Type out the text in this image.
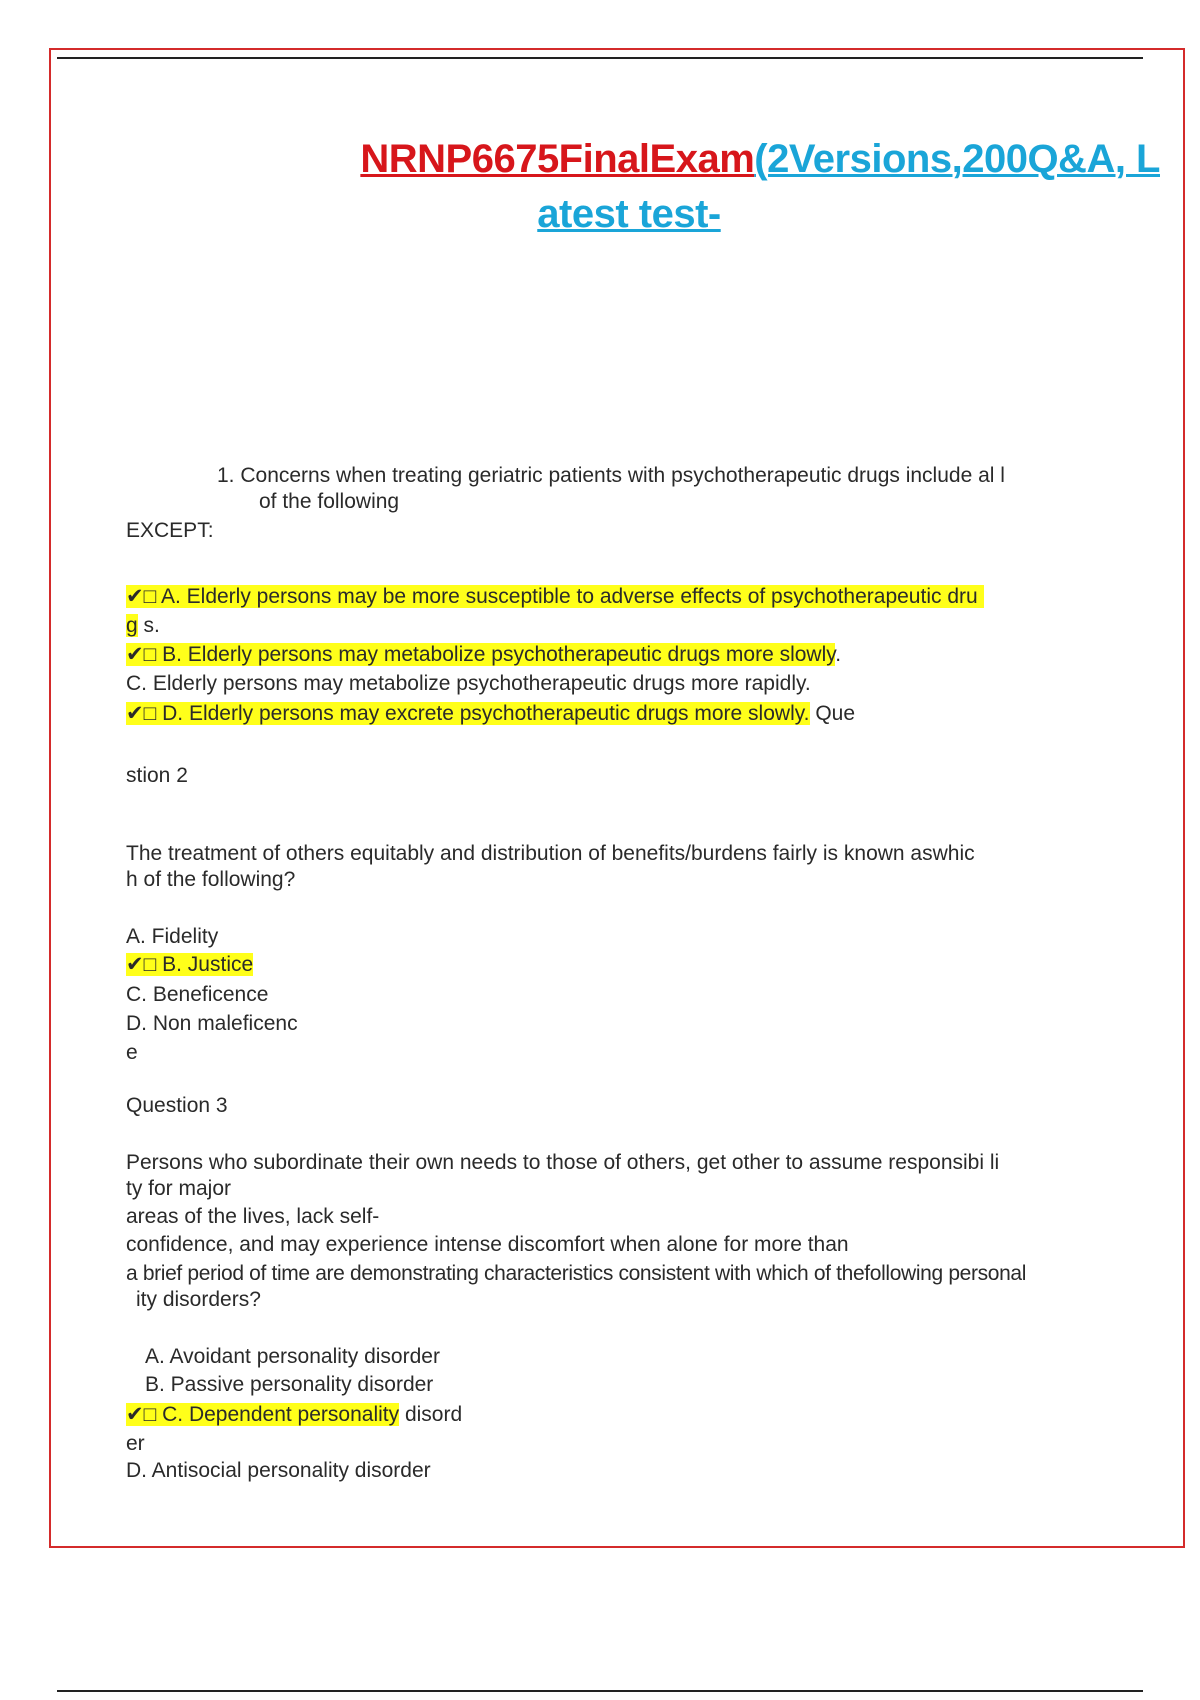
NRNP6675FinalExam(2Versions,200Q&A, L
atest test-
1. Concerns when treating geriatric patients with psychotherapeutic drugs include al l
of the following
EXCEPT:
✔□ A. Elderly persons may be more susceptible to adverse effects of psychotherapeutic dru
g s.
✔□ B. Elderly persons may metabolize psychotherapeutic drugs more slowly.
C. Elderly persons may metabolize psychotherapeutic drugs more rapidly.
✔□ D. Elderly persons may excrete psychotherapeutic drugs more slowly. Que
stion 2
The treatment of others equitably and distribution of benefits/burdens fairly is known aswhic
h of the following?
A. Fidelity
✔□ B. Justice
C. Beneficence
D. Non maleficenc
e
Question 3
Persons who subordinate their own needs to those of others, get other to assume responsibi li
ty for major
areas of the lives, lack self-
confidence, and may experience intense discomfort when alone for more than
a brief period of time are demonstrating characteristics consistent with which of thefollowing personal
ity disorders?
A. Avoidant personality disorder
B. Passive personality disorder
✔□ C. Dependent personality disord
er
D. Antisocial personality disorder
